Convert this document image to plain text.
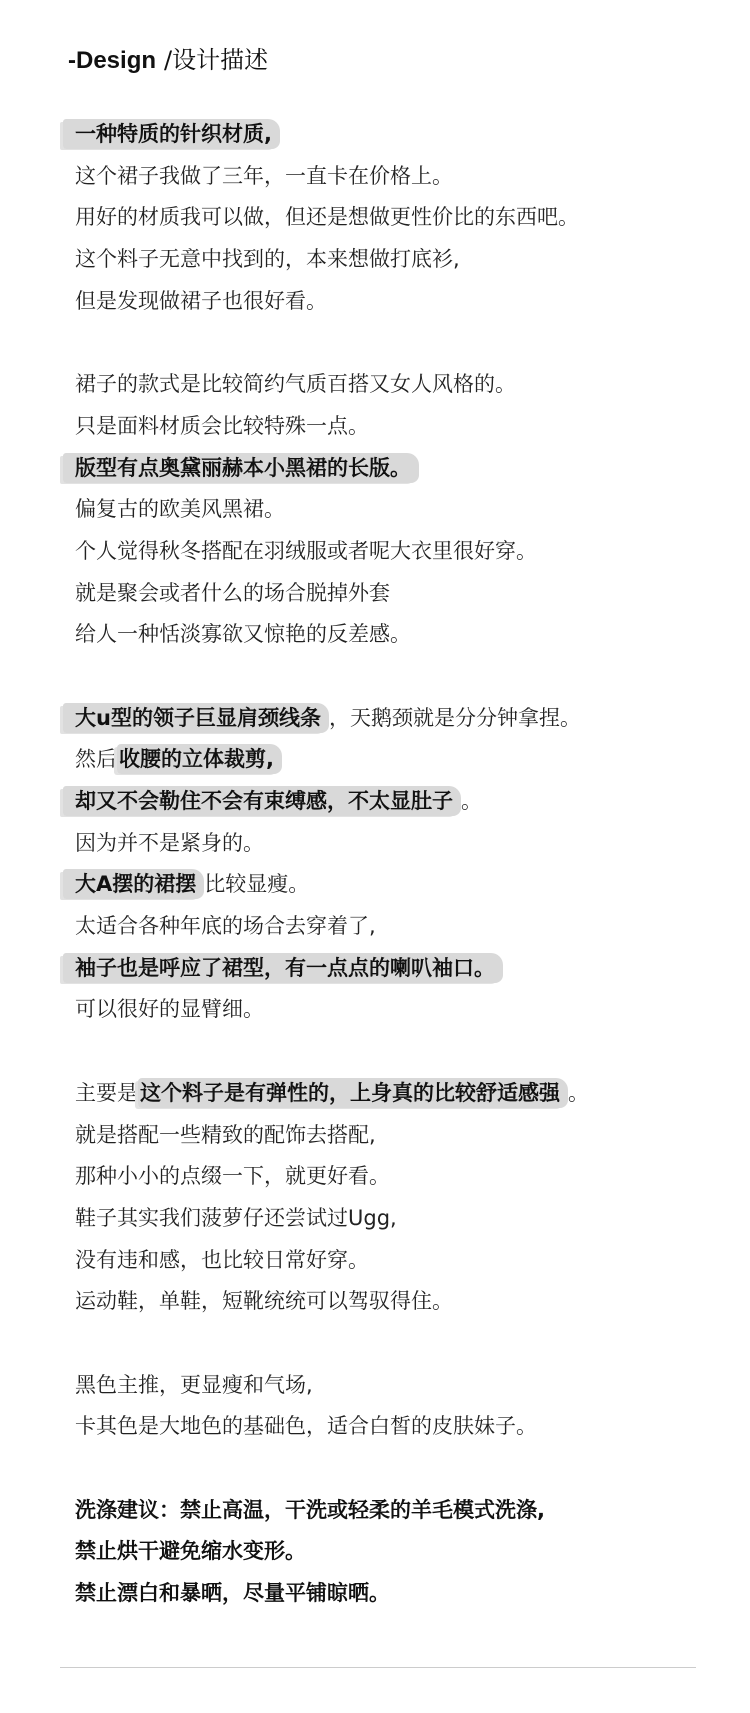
-Design /设计描述
一种特质的针织材质,
这个裙子我做了三年，一直卡在价格上。
用好的材质我可以做，但还是想做更性价比的东西吧。
这个料子无意中找到的，本来想做打底衫,
但是发现做裙子也很好看。
裙子的款式是比较简约气质百搭又女人风格的。
只是面料材质会比较特殊一点。
版型有点奥黛丽赫本小黑裙的长版。
偏复古的欧美风黑裙。
个人觉得秋冬搭配在羽绒服或者呢大衣里很好穿。
就是聚会或者什么的场合脱掉外套
给人一种恬淡寡欲又惊艳的反差感。
大u型的领子巨显肩颈线条 ，天鹅颈就是分分钟拿捏。
然后收腰的立体裁剪,
却又不会勒住不会有束缚感，不太显肚子 。
因为并不是紧身的。
大A摆的裙摆 比较显瘦。
太适合各种年底的场合去穿着了,
袖子也是呼应了裙型，有一点点的喇叭袖口。
可以很好的显臂细。
主要是这个料子是有弹性的，上身真的比较舒适感强 。
就是搭配一些精致的配饰去搭配,
那种小小的点缀一下，就更好看。
鞋子其实我们菠萝仔还尝试过Ugg,
没有违和感，也比较日常好穿。
运动鞋，单鞋，短靴统统可以驾驭得住。
黑色主推，更显瘦和气场,
卡其色是大地色的基础色，适合白皙的皮肤妹子。
洗涤建议：禁止高温，干洗或轻柔的羊毛模式洗涤,
禁止烘干避免缩水变形。
禁止漂白和暴晒，尽量平铺晾晒。
